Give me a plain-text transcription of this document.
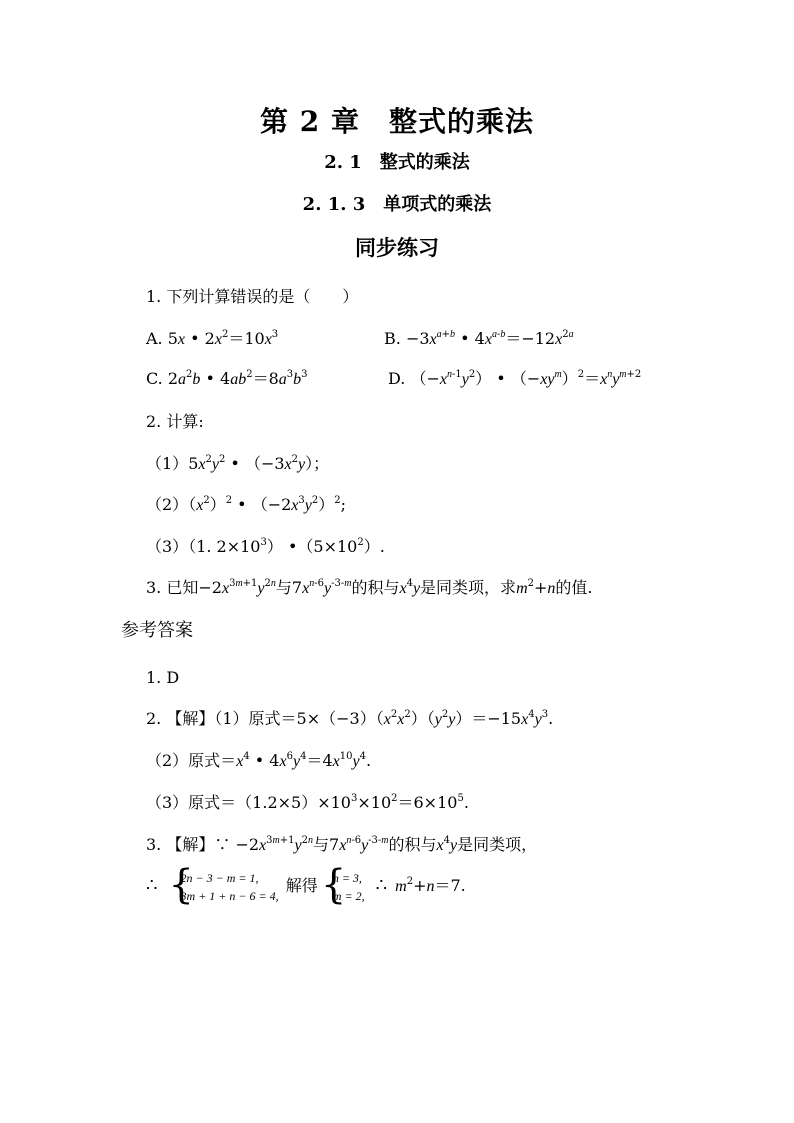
第 2 章　整式的乘法
2. 1　整式的乘法
2. 1. 3　单项式的乘法
同步练习
1. 下列计算错误的是（　　）
A. 5x • $2x^2=10x^3$	B. $-3x^{a+b}$ • $4x^{a-b}=-12x^{2a}$
C. $2a^2b$ • $4ab^2=8a^3b^3$	D. $(-x^{n-1}y^2)$ • $(-xy^m)^2=x^ny^{m+2}$
2. 计算:
$(1)5x^2y^2$ • $(-3x^2y)$；
$(2)(x^2)^2$ • $(-2x^3y^2)^2$;
（3）（1. $2\times 10^3$） $•(5\times 10^2)$.
3. 已知$-2x^{3m+1}y^{2n}$与$7x^{n-6}y^{-3-m}$的积与$x^4y$是同类项，求$m^2+n$的值.
参考答案
1. D
2. 【解】（1）原式$=5\times(-3)(x^2x^2)(y^2y)=-15x^4y^3$.
（2）原式$=x^4$ • $4x^6y^4=4x^{10}y^4$.
（3）原式$=(1.2\times 5)\times 10^3\times 10^2=6\times 10^5$.
3. 【解】∵ $-2x^{3m+1}y^{2n}$与$7x^{n-6}y^{-3-m}$的积与$x^4y$是同类项，
∴ { 2n − 3 − m = 1,
3m + 1 + n − 6 = 4,
解得 { n = 3,
m = 2, ∴ $m^2+n=7$.
